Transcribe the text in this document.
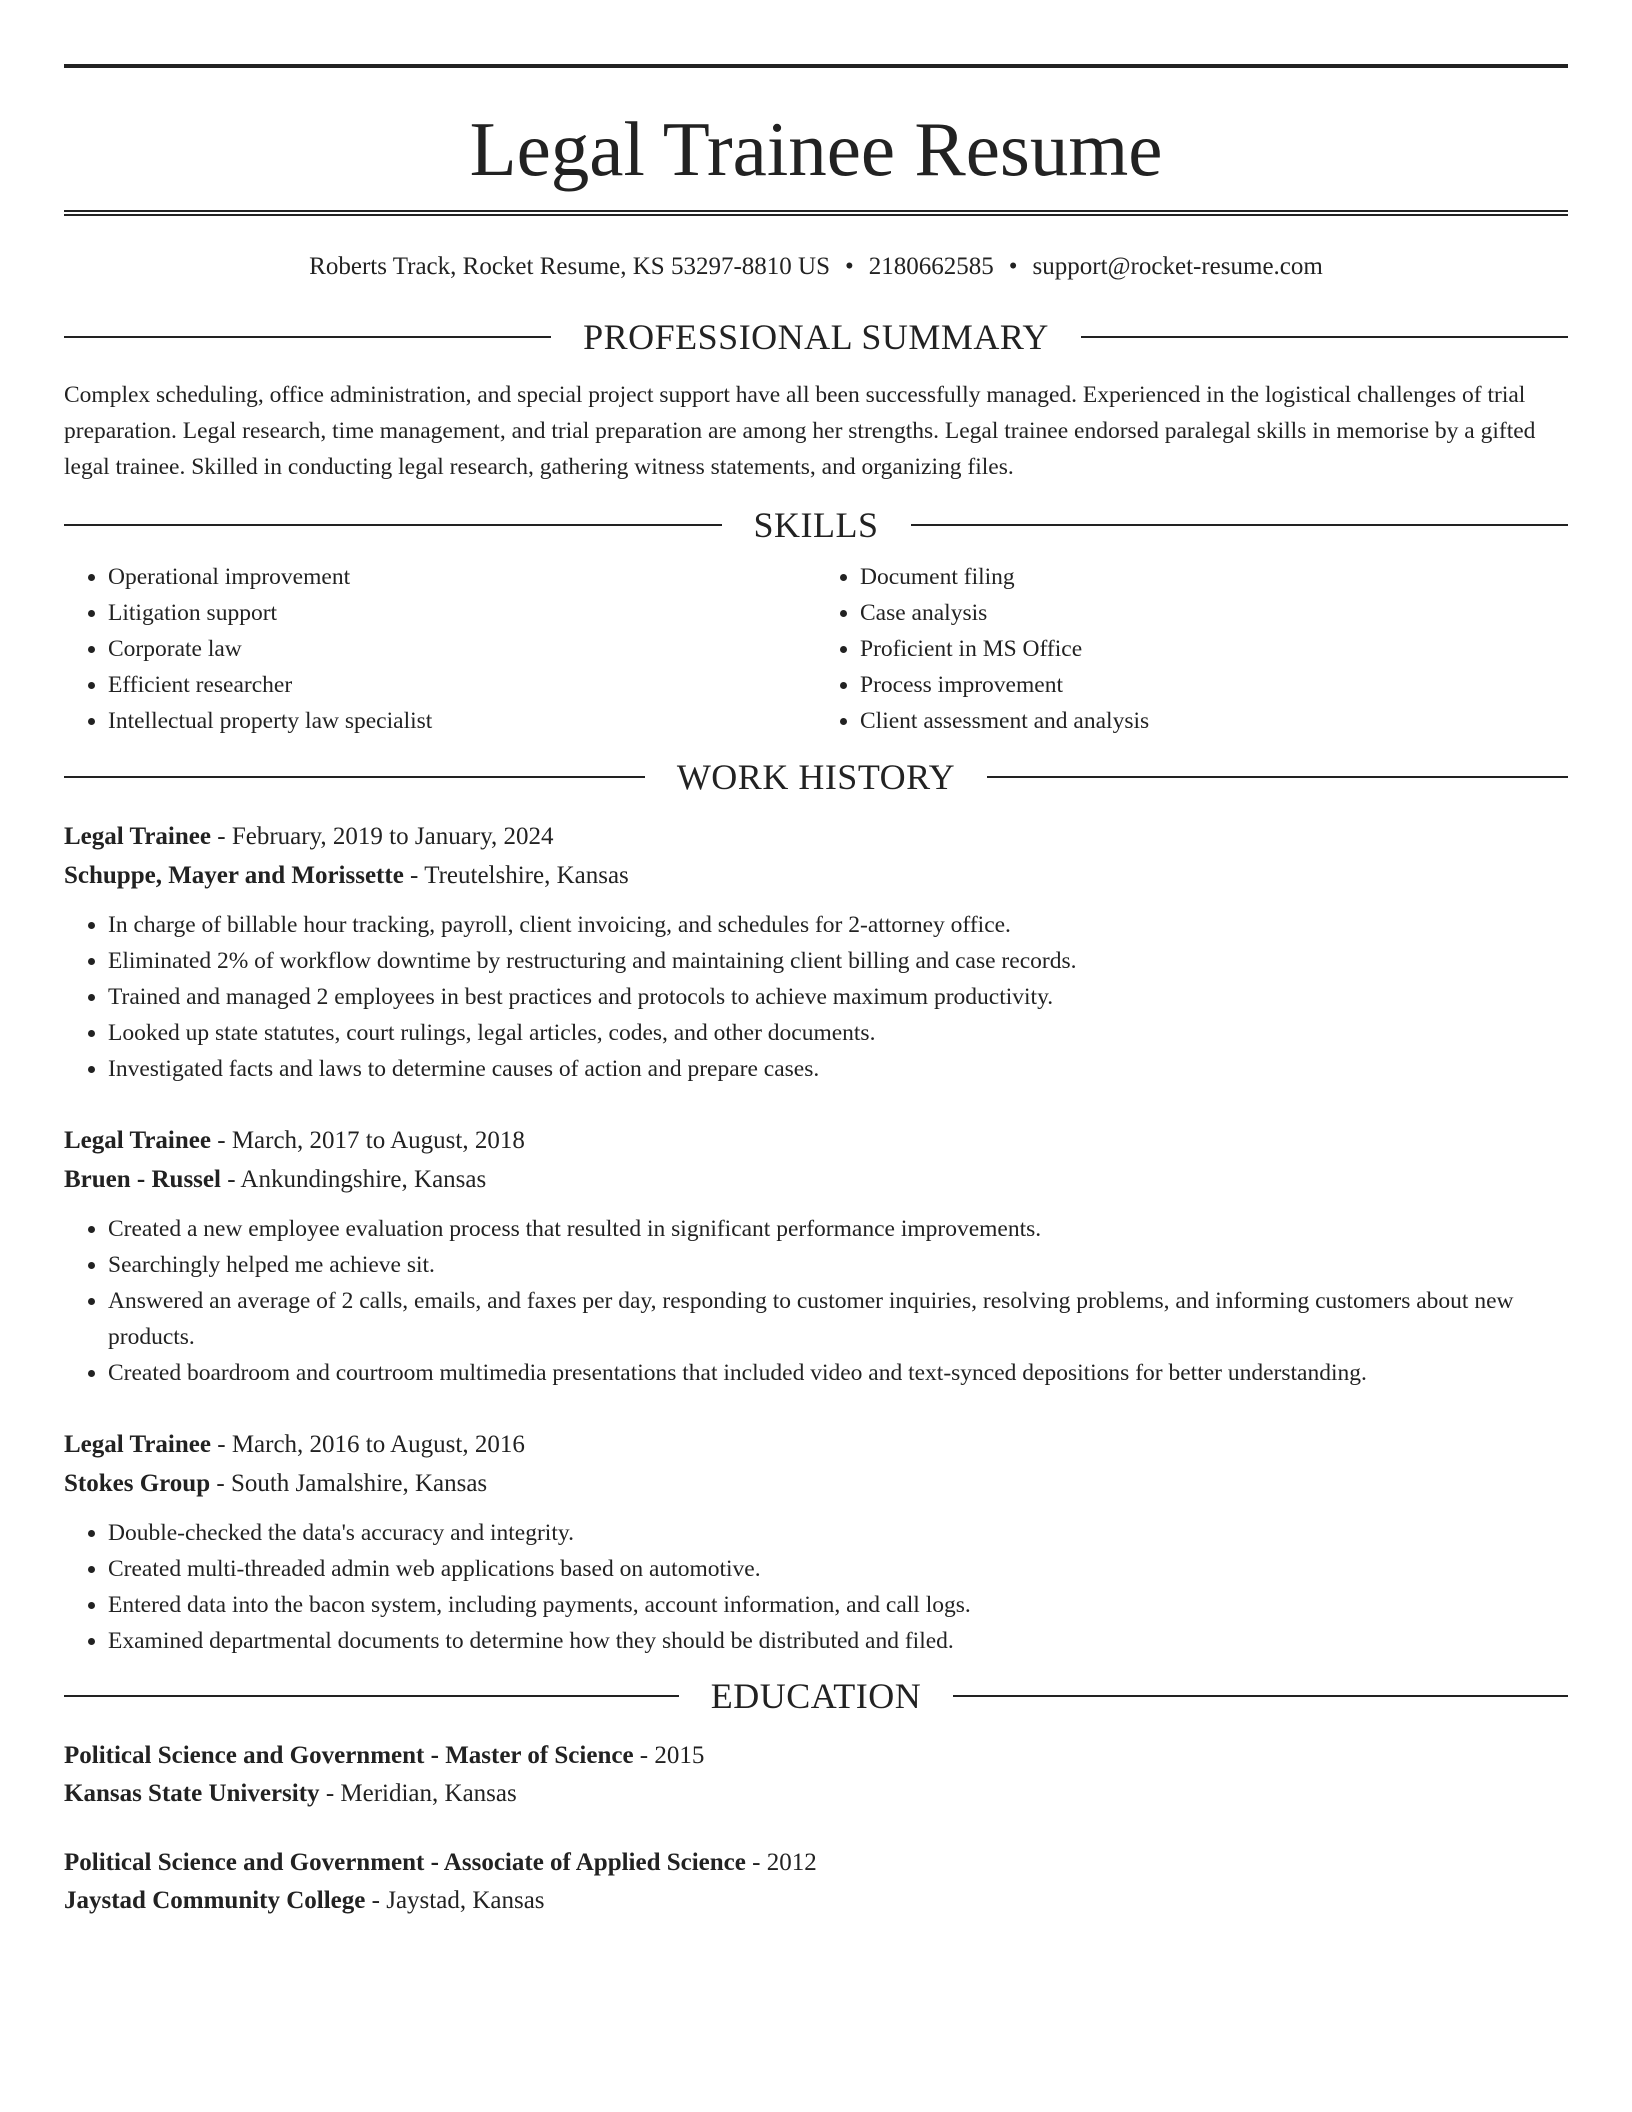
Legal Trainee Resume
Roberts Track, Rocket Resume, KS 53297-8810 US • 2180662585 • support@rocket-resume.com
PROFESSIONAL SUMMARY
Complex scheduling, office administration, and special project support have all been successfully managed. Experienced in the logistical challenges of trial preparation. Legal research, time management, and trial preparation are among her strengths. Legal trainee endorsed paralegal skills in memorise by a gifted legal trainee. Skilled in conducting legal research, gathering witness statements, and organizing files.
SKILLS
• Operational improvement
• Litigation support
• Corporate law
• Efficient researcher
• Intellectual property law specialist
• Document filing
• Case analysis
• Proficient in MS Office
• Process improvement
• Client assessment and analysis
WORK HISTORY
Legal Trainee - February, 2019 to January, 2024
Schuppe, Mayer and Morissette - Treutelshire, Kansas
• In charge of billable hour tracking, payroll, client invoicing, and schedules for 2-attorney office.
• Eliminated 2% of workflow downtime by restructuring and maintaining client billing and case records.
• Trained and managed 2 employees in best practices and protocols to achieve maximum productivity.
• Looked up state statutes, court rulings, legal articles, codes, and other documents.
• Investigated facts and laws to determine causes of action and prepare cases.
Legal Trainee - March, 2017 to August, 2018
Bruen - Russel - Ankundingshire, Kansas
• Created a new employee evaluation process that resulted in significant performance improvements.
• Searchingly helped me achieve sit.
• Answered an average of 2 calls, emails, and faxes per day, responding to customer inquiries, resolving problems, and informing customers about new products.
• Created boardroom and courtroom multimedia presentations that included video and text-synced depositions for better understanding.
Legal Trainee - March, 2016 to August, 2016
Stokes Group - South Jamalshire, Kansas
• Double-checked the data's accuracy and integrity.
• Created multi-threaded admin web applications based on automotive.
• Entered data into the bacon system, including payments, account information, and call logs.
• Examined departmental documents to determine how they should be distributed and filed.
EDUCATION
Political Science and Government - Master of Science - 2015
Kansas State University - Meridian, Kansas
Political Science and Government - Associate of Applied Science - 2012
Jaystad Community College - Jaystad, Kansas
